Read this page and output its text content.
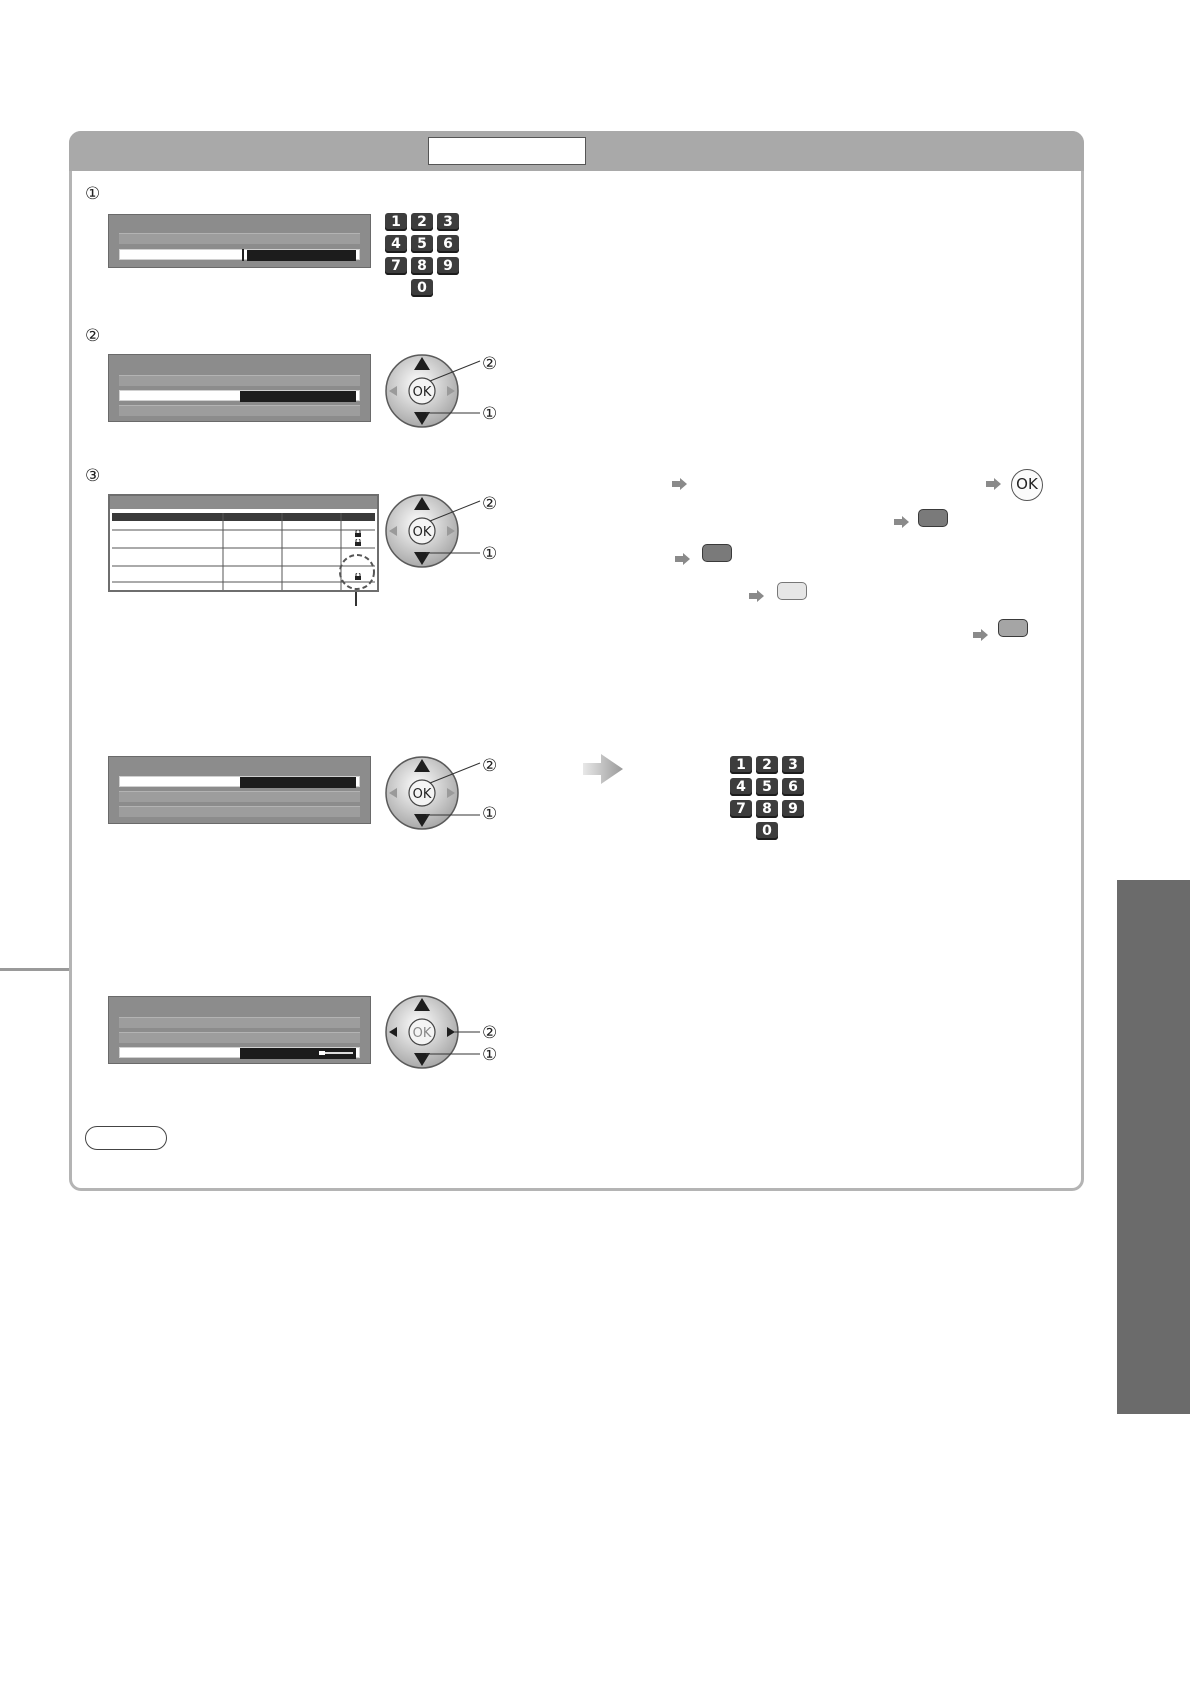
①
1	2	3
4	5	6
7	8	9
0
②
③	OK
1	2	3
4	5	6
7	8	9
0
OK
②
①
OK
②
①
OK
②
①
OK	②
①
